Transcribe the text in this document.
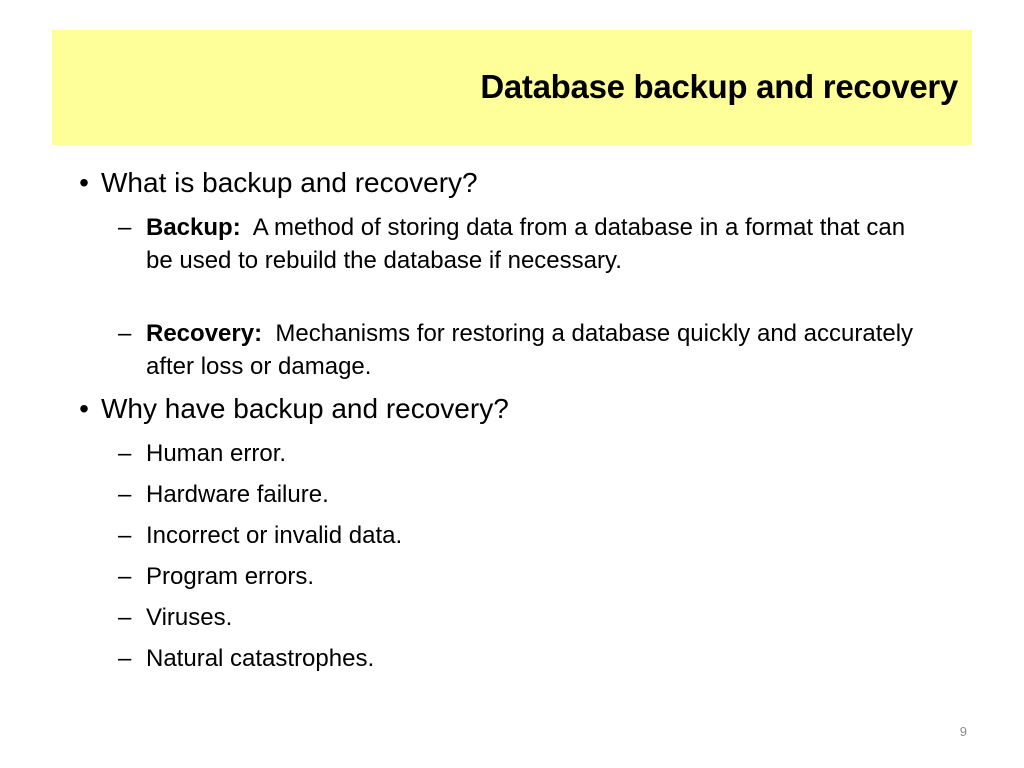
Database backup and recovery
• What is backup and recovery?
– Backup: A method of storing data from a database in a format that can be used to rebuild the database if necessary.
– Recovery: Mechanisms for restoring a database quickly and accurately after loss or damage.
• Why have backup and recovery?
– Human error.
– Hardware failure.
– Incorrect or invalid data.
– Program errors.
– Viruses.
– Natural catastrophes.
9
